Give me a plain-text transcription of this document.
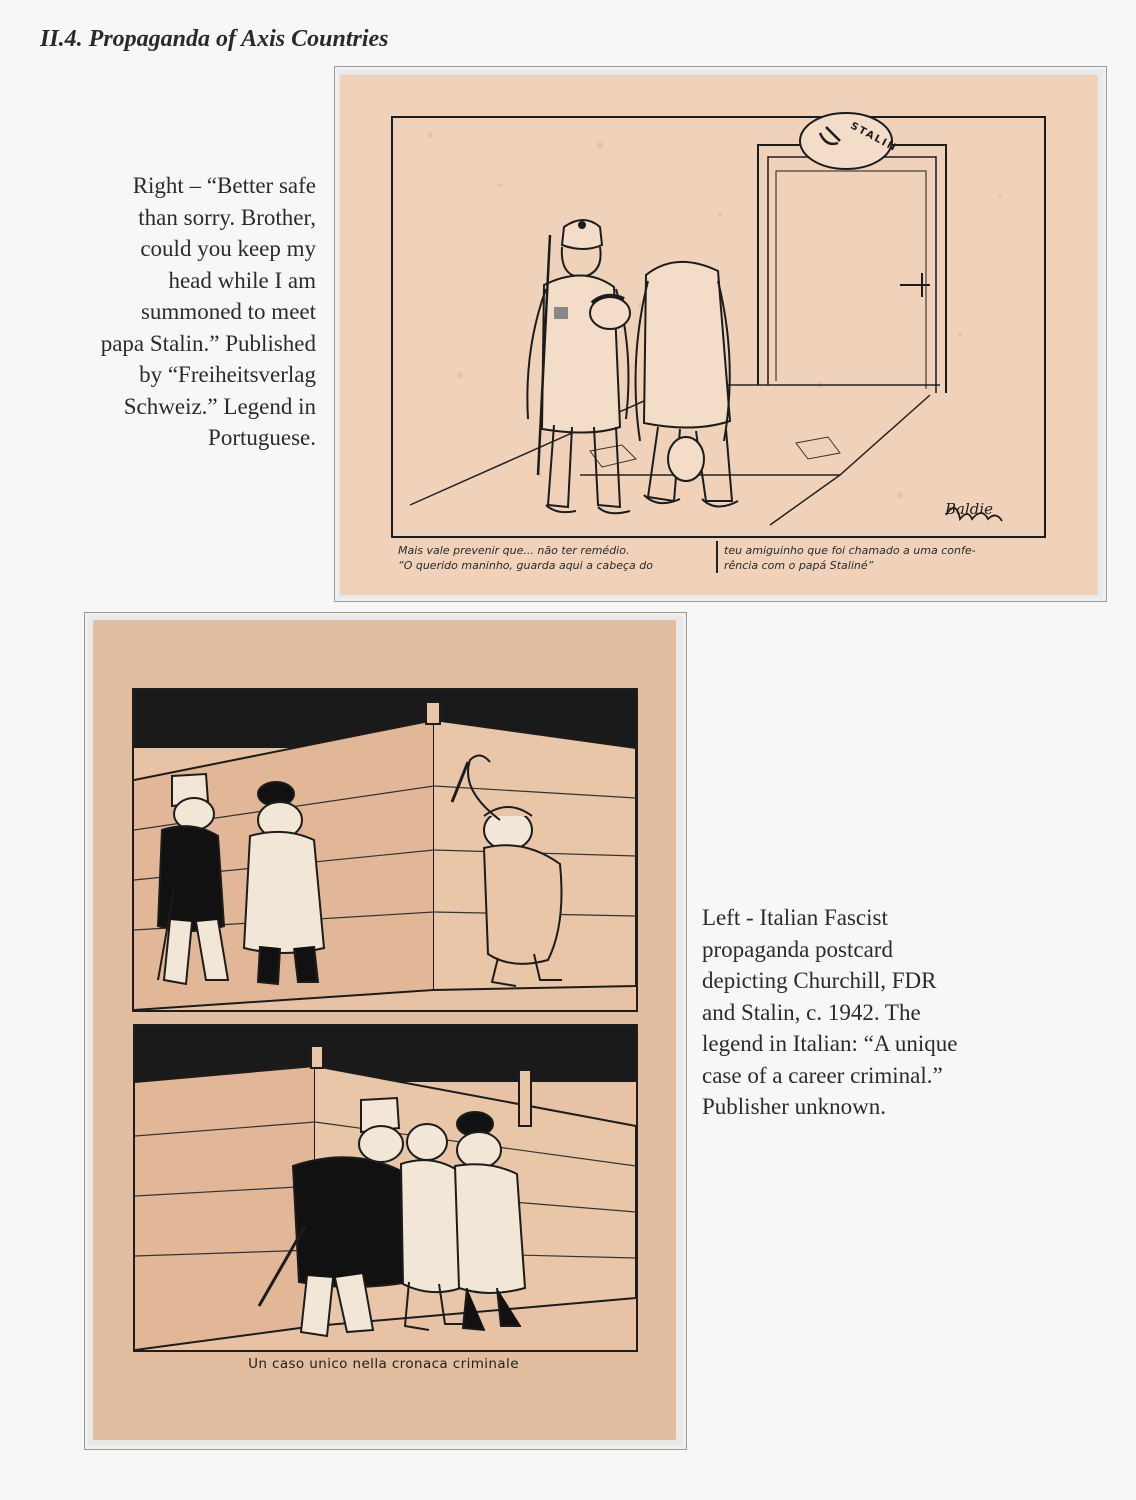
II.4. Propaganda of Axis Countries
Right – “Better safe
than sorry. Brother,
could you keep my
head while I am
summoned to meet
papa Stalin.” Published
by “Freiheitsverlag
Schweiz.” Legend in
Portuguese.
Mais vale prevenir que... não ter remédio.
“O querido maninho, guarda aqui a cabeça do
teu amiguinho que foi chamado a uma confe-
rência com o papá Staliné”
Un caso unico nella cronaca criminale
Left - Italian Fascist
propaganda postcard
depicting Churchill, FDR
and Stalin, c. 1942. The
legend in Italian: “A unique
case of a career criminal.”
Publisher unknown.
STALIN
Baldie
